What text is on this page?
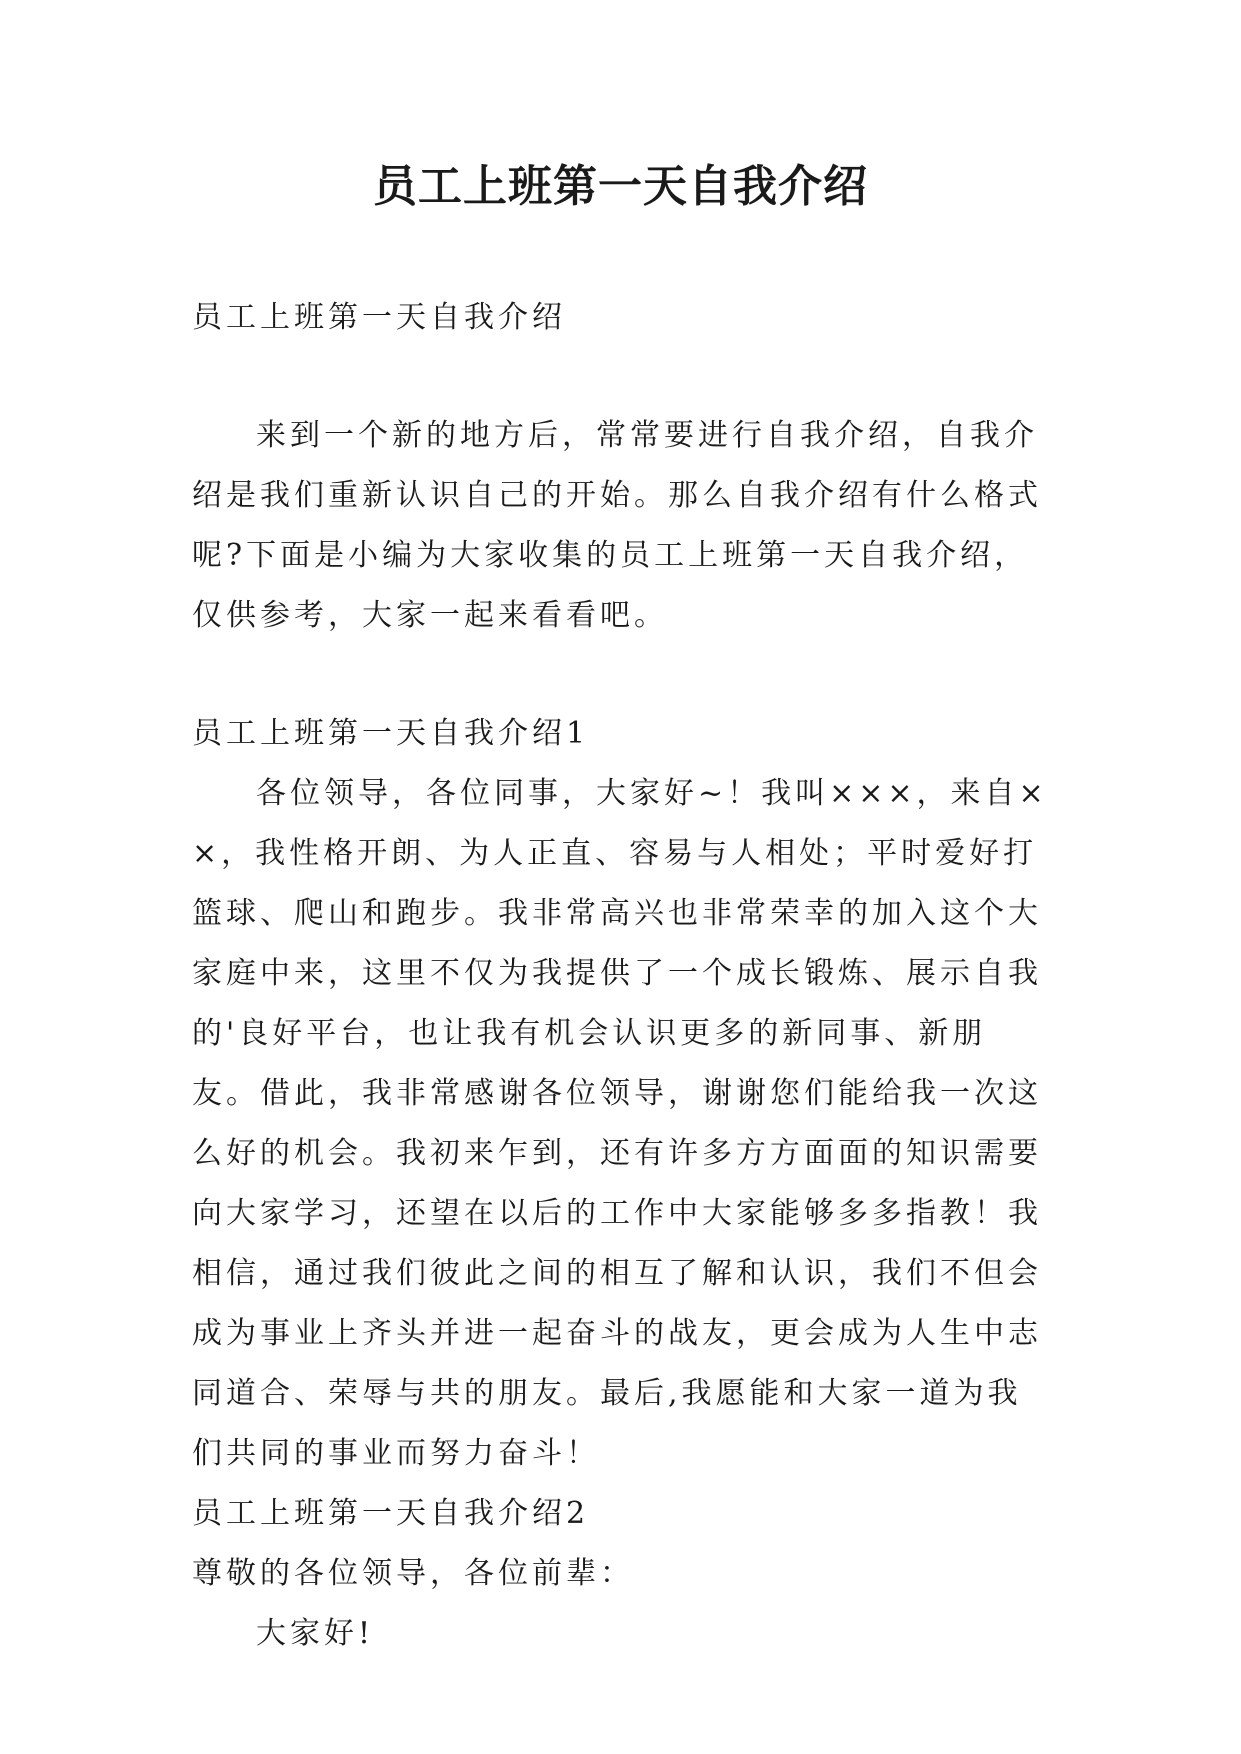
员工上班第一天自我介绍

员工上班第一天自我介绍

来到一个新的地方后，常常要进行自我介绍，自我介绍是我们重新认识自己的开始。那么自我介绍有什么格式呢?下面是小编为大家收集的员工上班第一天自我介绍，仅供参考，大家一起来看看吧。

员工上班第一天自我介绍1

各位领导，各位同事，大家好~！我叫×××，来自××，我性格开朗、为人正直、容易与人相处；平时爱好打篮球、爬山和跑步。我非常高兴也非常荣幸的加入这个大家庭中来，这里不仅为我提供了一个成长锻炼、展示自我的'良好平台，也让我有机会认识更多的新同事、新朋友。借此，我非常感谢各位领导，谢谢您们能给我一次这么好的机会。我初来乍到，还有许多方方面面的知识需要向大家学习，还望在以后的工作中大家能够多多指教！我相信，通过我们彼此之间的相互了解和认识，我们不但会成为事业上齐头并进一起奋斗的战友，更会成为人生中志同道合、荣辱与共的朋友。最后,我愿能和大家一道为我们共同的事业而努力奋斗！

员工上班第一天自我介绍2

尊敬的各位领导，各位前辈：

大家好!
